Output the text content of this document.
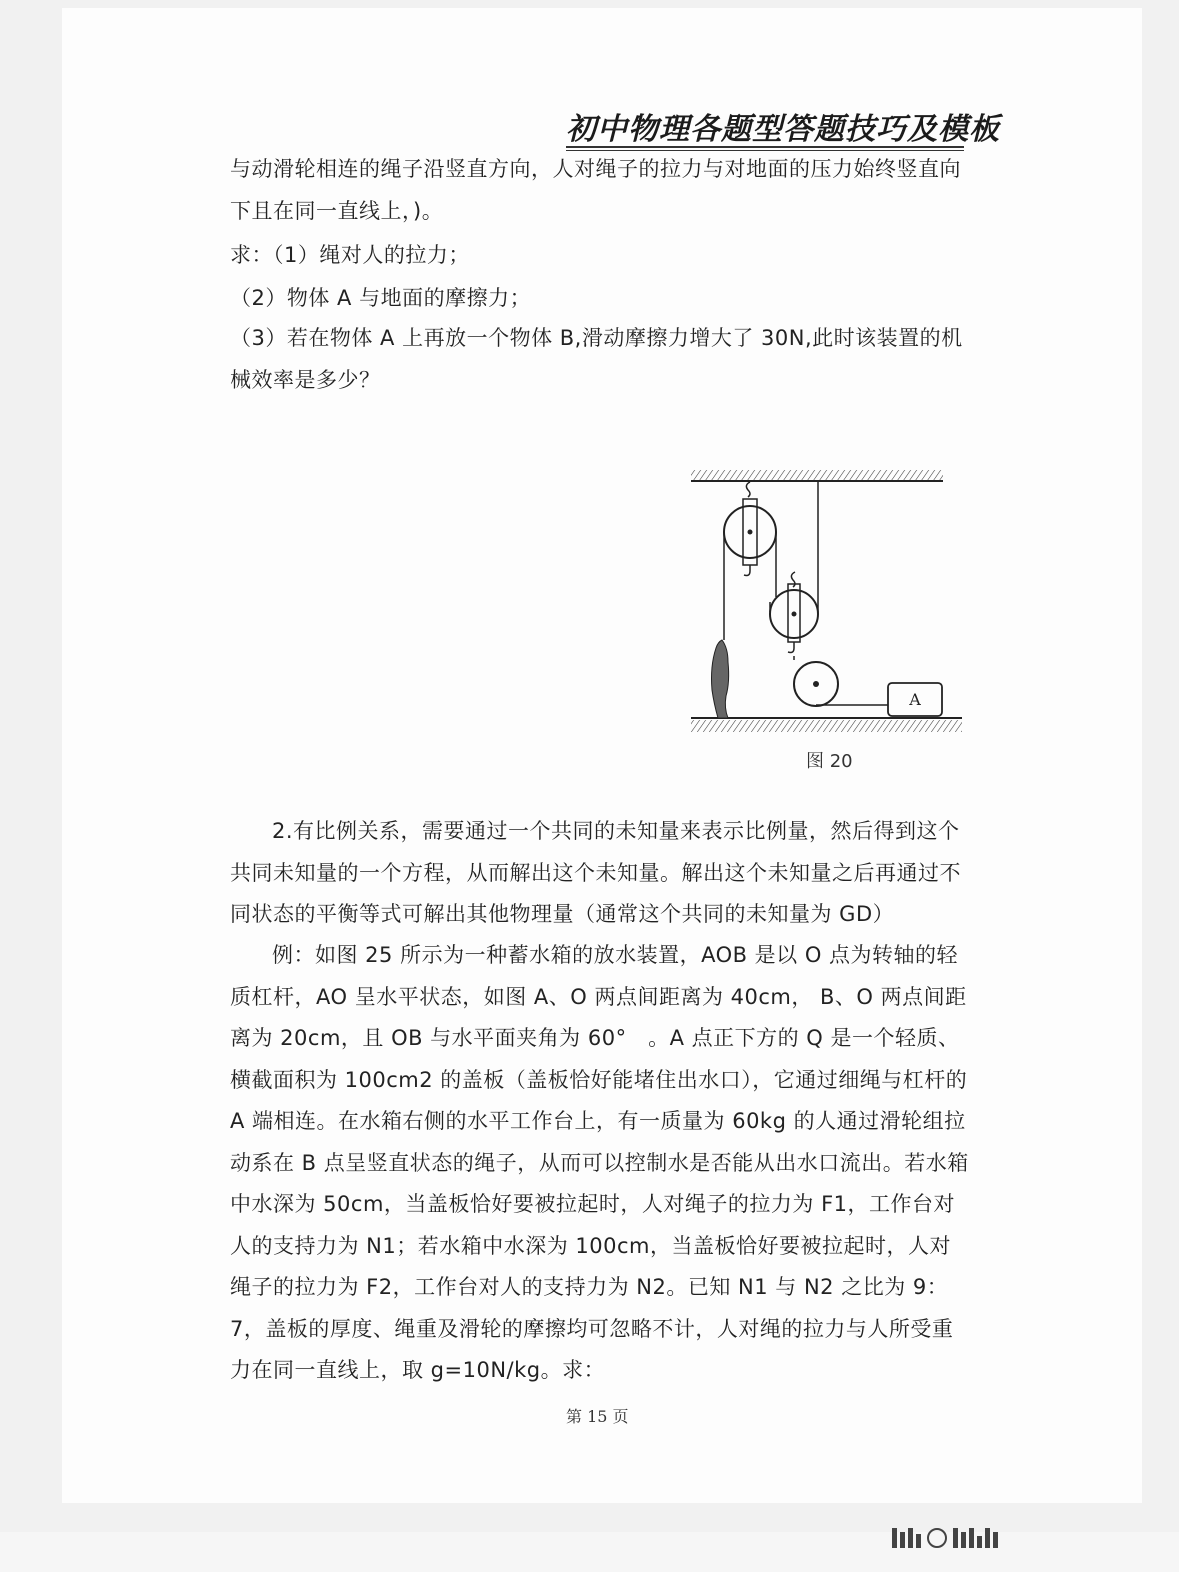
初中物理各题型答题技巧及模板
与动滑轮相连的绳子沿竖直方向，人对绳子的拉力与对地面的压力始终竖直向下且在同一直线上，)。
求：（1）绳对人的拉力；
（2）物体 A 与地面的摩擦力；
（3）若在物体 A 上再放一个物体 B,滑动摩擦力增大了 30N,此时该装置的机械效率是多少？
A
图 20
2.有比例关系，需要通过一个共同的未知量来表示比例量，然后得到这个共同未知量的一个方程，从而解出这个未知量。解出这个未知量之后再通过不同状态的平衡等式可解出其他物理量（通常这个共同的未知量为 GD）
例：如图 25 所示为一种蓄水箱的放水装置，AOB 是以 O 点为转轴的轻质杠杆，AO 呈水平状态，如图 A、O 两点间距离为 40cm， B、O 两点间距离为 20cm，且 OB 与水平面夹角为 60°　。A 点正下方的 Q 是一个轻质、横截面积为 100cm2 的盖板（盖板恰好能堵住出水口），它通过细绳与杠杆的 A 端相连。在水箱右侧的水平工作台上，有一质量为 60kg 的人通过滑轮组拉动系在 B 点呈竖直状态的绳子，从而可以控制水是否能从出水口流出。若水箱中水深为 50cm，当盖板恰好要被拉起时，人对绳子的拉力为 F1，工作台对人的支持力为 N1；若水箱中水深为 100cm，当盖板恰好要被拉起时，人对绳子的拉力为 F2，工作台对人的支持力为 N2。已知 N1 与 N2 之比为 9：7，盖板的厚度、绳重及滑轮的摩擦均可忽略不计，人对绳的拉力与人所受重力在同一直线上，取 g=10N/kg。求：
第 15 页
